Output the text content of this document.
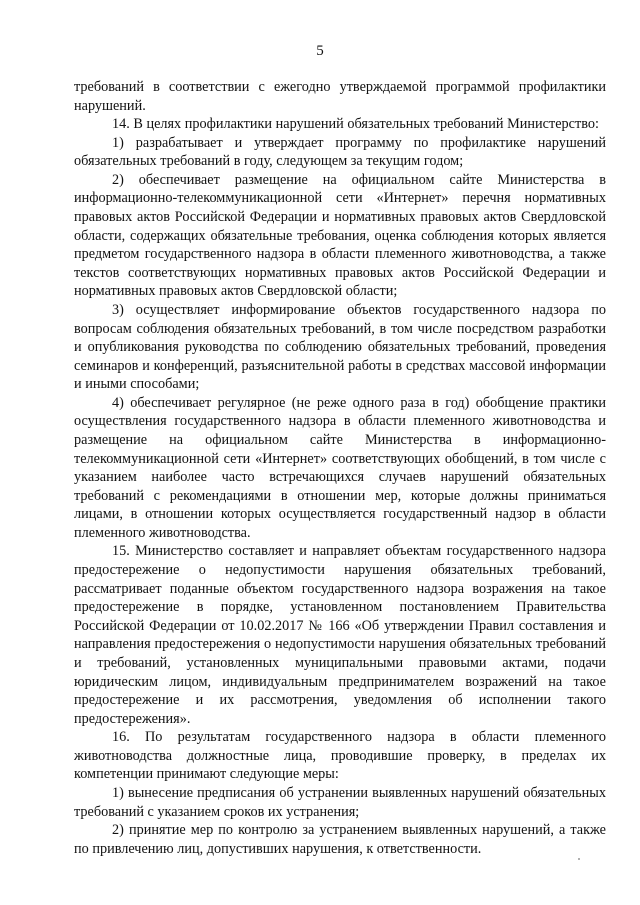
5

требований в соответствии с ежегодно утверждаемой программой профилактики нарушений.

14. В целях профилактики нарушений обязательных требований Министерство:

1) разрабатывает и утверждает программу по профилактике нарушений обязательных требований в году, следующем за текущим годом;

2) обеспечивает размещение на официальном сайте Министерства в информационно-телекоммуникационной сети «Интернет» перечня нормативных правовых актов Российской Федерации и нормативных правовых актов Свердловской области, содержащих обязательные требования, оценка соблюдения которых является предметом государственного надзора в области племенного животноводства, а также текстов соответствующих нормативных правовых актов Российской Федерации и нормативных правовых актов Свердловской области;

3) осуществляет информирование объектов государственного надзора по вопросам соблюдения обязательных требований, в том числе посредством разработки и опубликования руководства по соблюдению обязательных требований, проведения семинаров и конференций, разъяснительной работы в средствах массовой информации и иными способами;

4) обеспечивает регулярное (не реже одного раза в год) обобщение практики осуществления государственного надзора в области племенного животноводства и размещение на официальном сайте Министерства в информационно-телекоммуникационной сети «Интернет» соответствующих обобщений, в том числе с указанием наиболее часто встречающихся случаев нарушений обязательных требований с рекомендациями в отношении мер, которые должны приниматься лицами, в отношении которых осуществляется государственный надзор в области племенного животноводства.

15. Министерство составляет и направляет объектам государственного надзора предостережение о недопустимости нарушения обязательных требований, рассматривает поданные объектом государственного надзора возражения на такое предостережение в порядке, установленном постановлением Правительства Российской Федерации от 10.02.2017 № 166 «Об утверждении Правил составления и направления предостережения о недопустимости нарушения обязательных требований и требований, установленных муниципальными правовыми актами, подачи юридическим лицом, индивидуальным предпринимателем возражений на такое предостережение и их рассмотрения, уведомления об исполнении такого предостережения».

16. По результатам государственного надзора в области племенного животноводства должностные лица, проводившие проверку, в пределах их компетенции принимают следующие меры:

1) вынесение предписания об устранении выявленных нарушений обязательных требований с указанием сроков их устранения;

2) принятие мер по контролю за устранением выявленных нарушений, а также по привлечению лиц, допустивших нарушения, к ответственности.
